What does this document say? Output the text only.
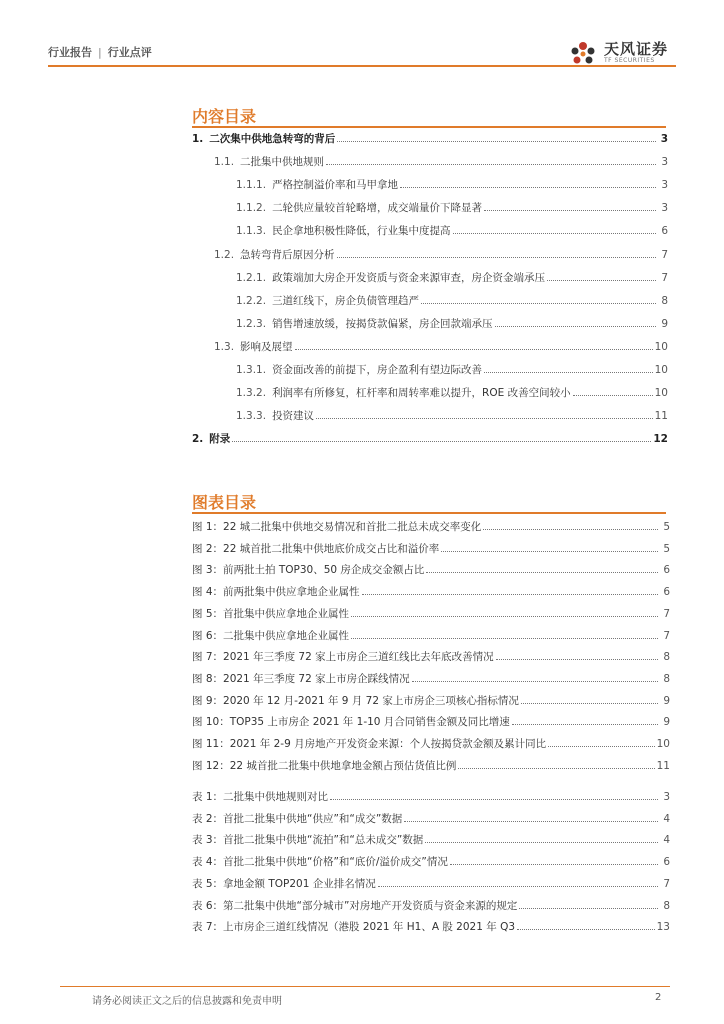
行业报告 | 行业点评	天风证券
TF SECURITIES
内容目录
1. 二次集中供地急转弯的背后	3
1.1. 二批集中供地规则	3
1.1.1. 严格控制溢价率和马甲拿地	3
1.1.2. 二轮供应量较首轮略增，成交端量价下降显著	3
1.1.3. 民企拿地积极性降低，行业集中度提高	6
1.2. 急转弯背后原因分析	7
1.2.1. 政策端加大房企开发资质与资金来源审查，房企资金端承压	7
1.2.2. 三道红线下，房企负债管理趋严	8
1.2.3. 销售增速放缓，按揭贷款偏紧，房企回款端承压	9
1.3. 影响及展望	10
1.3.1. 资金面改善的前提下，房企盈利有望边际改善	10
1.3.2. 利润率有所修复，杠杆率和周转率难以提升，ROE 改善空间较小	10
1.3.3. 投资建议	11
2. 附录	12
图表目录
图 1：22 城二批集中供地交易情况和首批二批总未成交率变化	5
图 2：22 城首批二批集中供地底价成交占比和溢价率	5
图 3：前两批土拍 TOP30、50 房企成交金额占比	6
图 4：前两批集中供应拿地企业属性	6
图 5：首批集中供应拿地企业属性	7
图 6：二批集中供应拿地企业属性	7
图 7：2021 年三季度 72 家上市房企三道红线比去年底改善情况	8
图 8：2021 年三季度 72 家上市房企踩线情况	8
图 9：2020 年 12 月-2021 年 9 月 72 家上市房企三项核心指标情况	9
图 10：TOP35 上市房企 2021 年 1-10 月合同销售金额及同比增速	9
图 11：2021 年 2-9 月房地产开发资金来源：个人按揭贷款金额及累计同比	10
图 12：22 城首批二批集中供地拿地金额占预估货值比例	11
表 1：二批集中供地规则对比	3
表 2：首批二批集中供地“供应”和“成交”数据	4
表 3：首批二批集中供地“流拍”和“总未成交”数据	4
表 4：首批二批集中供地“价格”和“底价/溢价成交”情况	6
表 5：拿地金额 TOP201 企业排名情况	7
表 6：第二批集中供地“部分城市”对房地产开发资质与资金来源的规定	8
表 7：上市房企三道红线情况（港股 2021 年 H1、A 股 2021 年 Q3	13
请务必阅读正文之后的信息披露和免责申明	2
